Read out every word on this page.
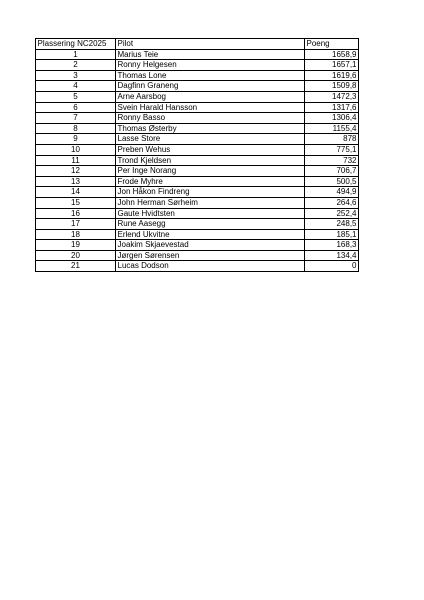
Plassering NC2025	Pilot	Poeng
1	Marius Teie	1658,9
2	Ronny Helgesen	1657,1
3	Thomas Lone	1619,6
4	Dagfinn Graneng	1509,8
5	Arne Aarsbog	1472,3
6	Svein Harald Hansson	1317,6
7	Ronny Basso	1306,4
8	Thomas Østerby	1155,4
9	Lasse Store	878
10	Preben Wehus	775,1
11	Trond Kjeldsen	732
12	Per Inge Norang	706,7
13	Frode Myhre	500,5
14	Jon Håkon Findreng	494,9
15	John Herman Sørheim	264,6
16	Gaute Hvidtsten	252,4
17	Rune Aasegg	248,5
18	Erlend Ukvitne	185,1
19	Joakim Skjaevestad	168,3
20	Jørgen Sørensen	134,4
21	Lucas Dodson	0
